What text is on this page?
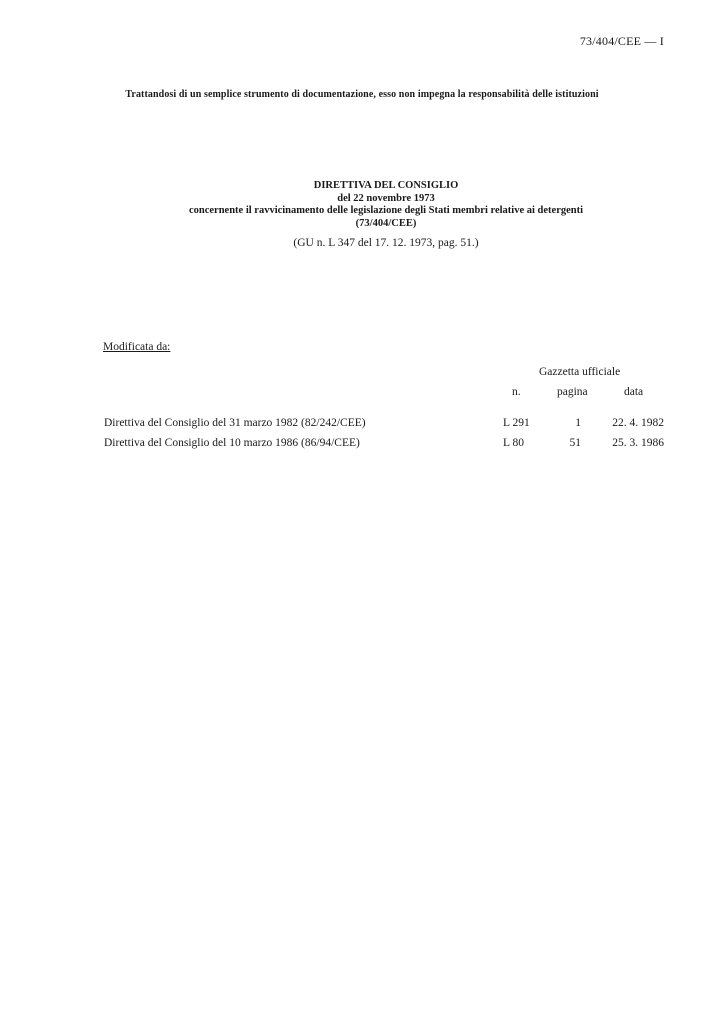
73/404/CEE — I
Trattandosi di un semplice strumento di documentazione, esso non impegna la responsabilità delle istituzioni
DIRETTIVA DEL CONSIGLIO
del 22 novembre 1973
concernente il ravvicinamento delle legislazione degli Stati membri relative ai detergenti
(73/404/CEE)
(GU n. L 347 del 17. 12. 1973, pag. 51.)
Modificata da:
Gazzetta ufficiale
n.	pagina	data
Direttiva del Consiglio del 31 marzo 1982 (82/242/CEE)	L 291	1	22. 4. 1982
Direttiva del Consiglio del 10 marzo 1986 (86/94/CEE)	L 80	51	25. 3. 1986
